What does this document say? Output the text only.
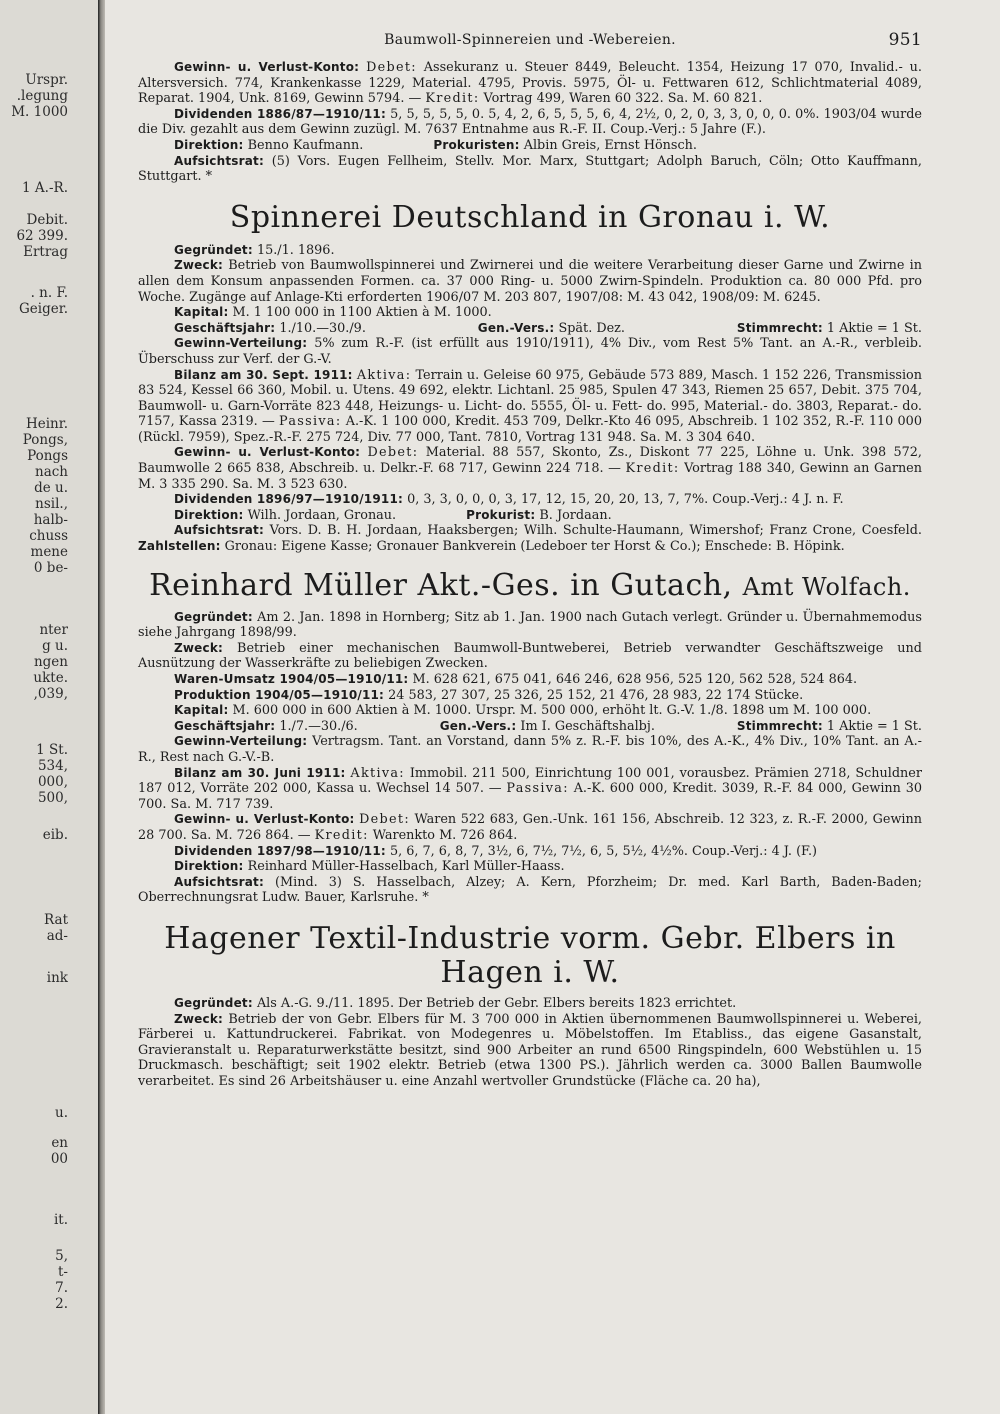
Urspr.
.legung
M. 1000
1 A.-R.
Debit.
62 399.
Ertrag
. n. F.
Geiger.
Heinr.
Pongs,
Pongs
nach
de u.
nsil.,
halb-
chuss
mene
0 be-
nter
g u.
ngen
ukte.
,039,
1 St.
534,
000,
500,
eib.
Rat
ad-
ink
u.
en
00
it.
5,
t-
7.
2.
Baumwoll-Spinnereien und -Webereien.	951

Gewinn- u. Verlust-Konto: Debet: Assekuranz u. Steuer 8449, Beleucht. 1354, Heizung 17 070, Invalid.- u. Altersversich. 774, Krankenkasse 1229, Material. 4795, Provis. 5975, Öl- u. Fettwaren 612, Schlichtmaterial 4089, Reparat. 1904, Unk. 8169, Gewinn 5794. — Kredit: Vortrag 499, Waren 60 322. Sa. M. 60 821.

Dividenden 1886/87—1910/11: 5, 5, 5, 5, 5, 0. 5, 4, 2, 6, 5, 5, 5, 6, 4, 2½, 0, 2, 0, 3, 3, 0, 0, 0. 0%. 1903/04 wurde die Div. gezahlt aus dem Gewinn zuzügl. M. 7637 Entnahme aus R.-F. II. Coup.-Verj.: 5 Jahre (F.).

Direktion: Benno Kaufmann.	Prokuristen: Albin Greis, Ernst Hönsch.

Aufsichtsrat: (5) Vors. Eugen Fellheim, Stellv. Mor. Marx, Stuttgart; Adolph Baruch, Cöln; Otto Kauffmann, Stuttgart. *

Spinnerei Deutschland in Gronau i. W.

Gegründet: 15./1. 1896.

Zweck: Betrieb von Baumwollspinnerei und Zwirnerei und die weitere Verarbeitung dieser Garne und Zwirne in allen dem Konsum anpassenden Formen. ca. 37 000 Ring- u. 5000 Zwirn-Spindeln. Produktion ca. 80 000 Pfd. pro Woche. Zugänge auf Anlage-Kti erforderten 1906/07 M. 203 807, 1907/08: M. 43 042, 1908/09: M. 6245.

Kapital: M. 1 100 000 in 1100 Aktien à M. 1000.

Geschäftsjahr: 1./10.—30./9.	Gen.-Vers.: Spät. Dez.	Stimmrecht: 1 Aktie = 1 St.

Gewinn-Verteilung: 5% zum R.-F. (ist erfüllt aus 1910/1911), 4% Div., vom Rest 5% Tant. an A.-R., verbleib. Überschuss zur Verf. der G.-V.

Bilanz am 30. Sept. 1911: Aktiva: Terrain u. Geleise 60 975, Gebäude 573 889, Masch. 1 152 226, Transmission 83 524, Kessel 66 360, Mobil. u. Utens. 49 692, elektr. Lichtanl. 25 985, Spulen 47 343, Riemen 25 657, Debit. 375 704, Baumwoll- u. Garn-Vorräte 823 448, Heizungs- u. Licht- do. 5555, Öl- u. Fett- do. 995, Material.- do. 3803, Reparat.- do. 7157, Kassa 2319. — Passiva: A.-K. 1 100 000, Kredit. 453 709, Delkr.-Kto 46 095, Abschreib. 1 102 352, R.-F. 110 000 (Rückl. 7959), Spez.-R.-F. 275 724, Div. 77 000, Tant. 7810, Vortrag 131 948. Sa. M. 3 304 640.

Gewinn- u. Verlust-Konto: Debet: Material. 88 557, Skonto, Zs., Diskont 77 225, Löhne u. Unk. 398 572, Baumwolle 2 665 838, Abschreib. u. Delkr.-F. 68 717, Gewinn 224 718. — Kredit: Vortrag 188 340, Gewinn an Garnen M. 3 335 290. Sa. M. 3 523 630.

Dividenden 1896/97—1910/1911: 0, 3, 3, 0, 0, 0, 3, 17, 12, 15, 20, 20, 13, 7, 7%. Coup.-Verj.: 4 J. n. F.

Direktion: Wilh. Jordaan, Gronau.	Prokurist: B. Jordaan.

Aufsichtsrat: Vors. D. B. H. Jordaan, Haaksbergen; Wilh. Schulte-Haumann, Wimershof; Franz Crone, Coesfeld. Zahlstellen: Gronau: Eigene Kasse; Gronauer Bankverein (Ledeboer ter Horst & Co.); Enschede: B. Höpink.

Reinhard Müller Akt.-Ges. in Gutach, Amt Wolfach.

Gegründet: Am 2. Jan. 1898 in Hornberg; Sitz ab 1. Jan. 1900 nach Gutach verlegt. Gründer u. Übernahmemodus siehe Jahrgang 1898/99.

Zweck: Betrieb einer mechanischen Baumwoll-Buntweberei, Betrieb verwandter Geschäftszweige und Ausnützung der Wasserkräfte zu beliebigen Zwecken.

Waren-Umsatz 1904/05—1910/11: M. 628 621, 675 041, 646 246, 628 956, 525 120, 562 528, 524 864.

Produktion 1904/05—1910/11: 24 583, 27 307, 25 326, 25 152, 21 476, 28 983, 22 174 Stücke.

Kapital: M. 600 000 in 600 Aktien à M. 1000. Urspr. M. 500 000, erhöht lt. G.-V. 1./8. 1898 um M. 100 000.

Geschäftsjahr: 1./7.—30./6.	Gen.-Vers.: Im I. Geschäftshalbj.	Stimmrecht: 1 Aktie = 1 St.

Gewinn-Verteilung: Vertragsm. Tant. an Vorstand, dann 5% z. R.-F. bis 10%, des A.-K., 4% Div., 10% Tant. an A.-R., Rest nach G.-V.-B.

Bilanz am 30. Juni 1911: Aktiva: Immobil. 211 500, Einrichtung 100 001, vorausbez. Prämien 2718, Schuldner 187 012, Vorräte 202 000, Kassa u. Wechsel 14 507. — Passiva: A.-K. 600 000, Kredit. 3039, R.-F. 84 000, Gewinn 30 700. Sa. M. 717 739.

Gewinn- u. Verlust-Konto: Debet: Waren 522 683, Gen.-Unk. 161 156, Abschreib. 12 323, z. R.-F. 2000, Gewinn 28 700. Sa. M. 726 864. — Kredit: Warenkto M. 726 864.

Dividenden 1897/98—1910/11: 5, 6, 7, 6, 8, 7, 3½, 6, 7½, 7½, 6, 5, 5½, 4½%. Coup.-Verj.: 4 J. (F.)

Direktion: Reinhard Müller-Hasselbach, Karl Müller-Haass.

Aufsichtsrat: (Mind. 3) S. Hasselbach, Alzey; A. Kern, Pforzheim; Dr. med. Karl Barth, Baden-Baden; Oberrechnungsrat Ludw. Bauer, Karlsruhe. *

Hagener Textil-Industrie vorm. Gebr. Elbers in Hagen i. W.

Gegründet: Als A.-G. 9./11. 1895. Der Betrieb der Gebr. Elbers bereits 1823 errichtet.

Zweck: Betrieb der von Gebr. Elbers für M. 3 700 000 in Aktien übernommenen Baumwollspinnerei u. Weberei, Färberei u. Kattundruckerei. Fabrikat. von Modegenres u. Möbelstoffen. Im Etabliss., das eigene Gasanstalt, Gravieranstalt u. Reparaturwerkstätte besitzt, sind 900 Arbeiter an rund 6500 Ringspindeln, 600 Webstühlen u. 15 Druckmasch. beschäftigt; seit 1902 elektr. Betrieb (etwa 1300 PS.). Jährlich werden ca. 3000 Ballen Baumwolle verarbeitet. Es sind 26 Arbeitshäuser u. eine Anzahl wertvoller Grundstücke (Fläche ca. 20 ha),
